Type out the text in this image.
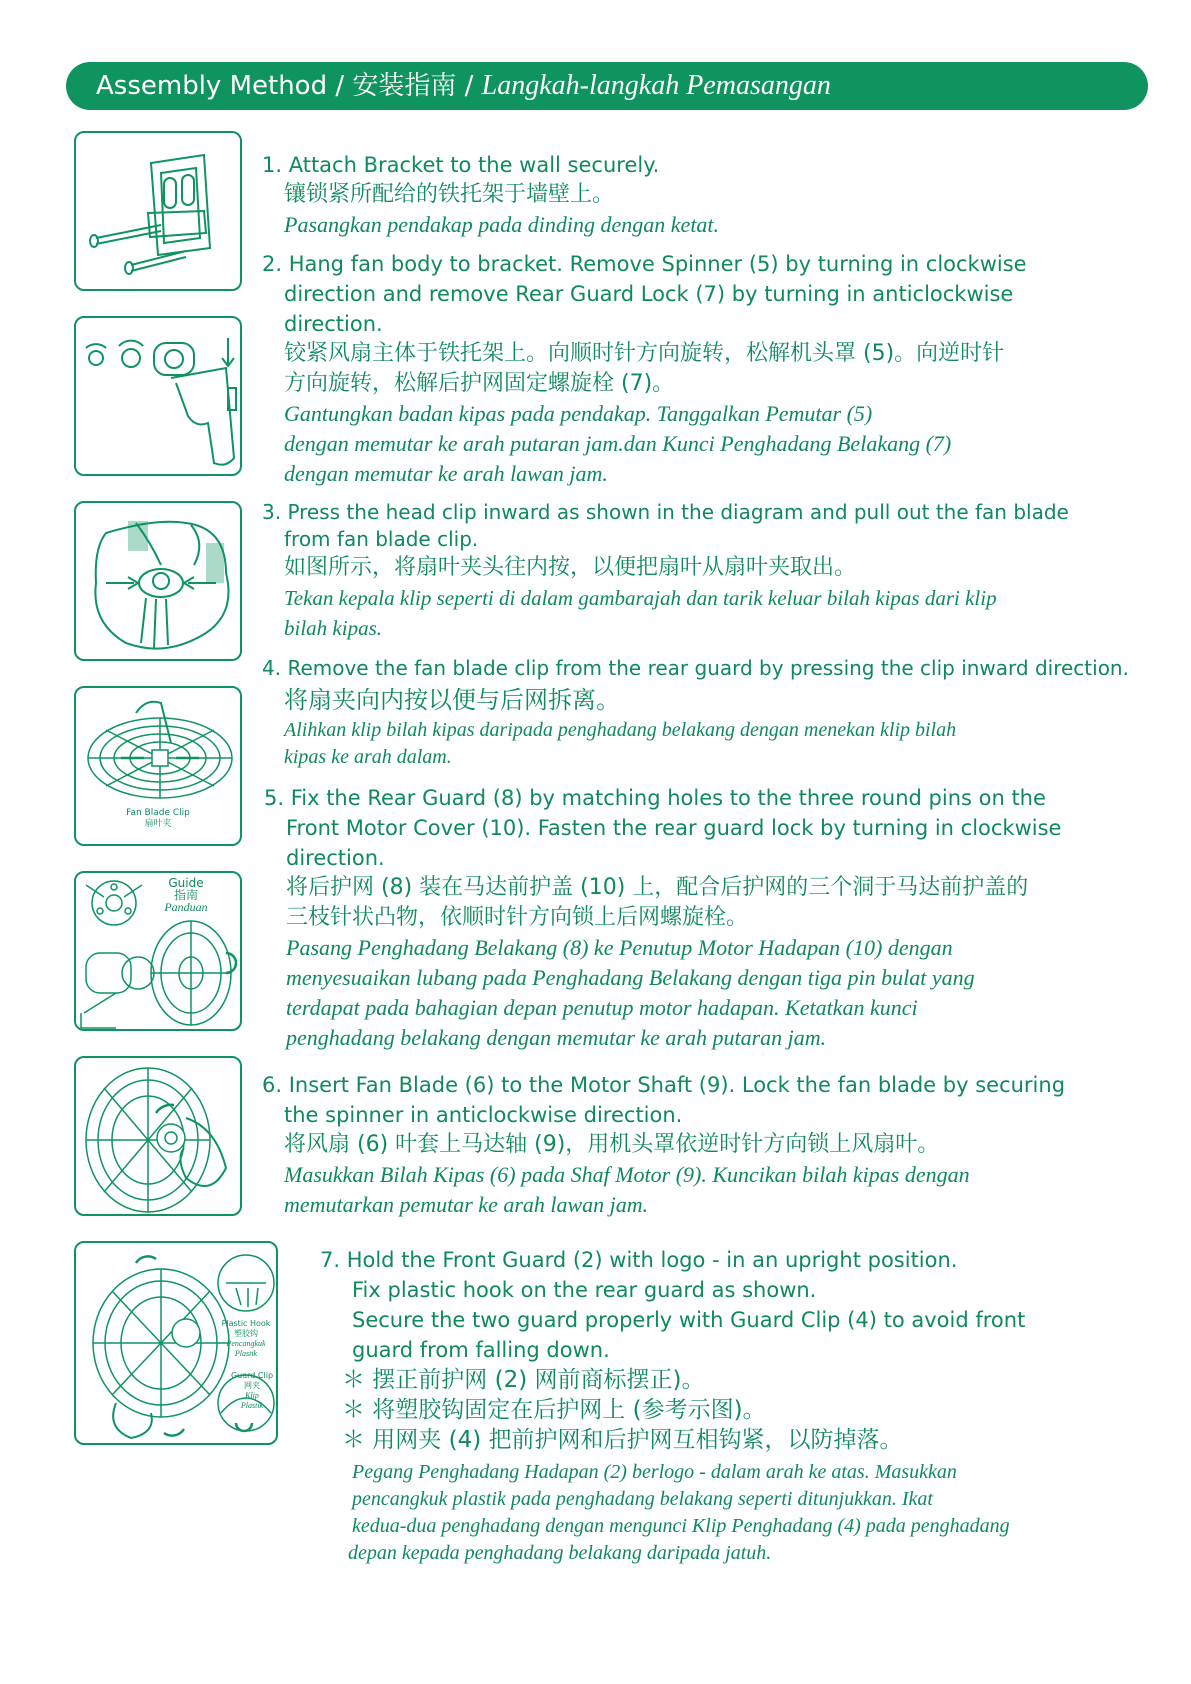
Assembly Method / 安装指南 / Langkah-langkah Pemasangan
Fan Blade Clip
扇叶夹
Guide
指南
Panduan
Plastic Hook
塑胶钩
Pencangkuk
Plastik
Guard Clip
网夹
Klip
Plastik
1. Attach Bracket to the wall securely.
镶锁紧所配给的铁托架于墙壁上。
Pasangkan pendakap pada dinding dengan ketat.
2. Hang fan body to bracket. Remove Spinner (5) by turning in clockwise
direction and remove Rear Guard Lock (7) by turning in anticlockwise
direction.
铰紧风扇主体于铁托架上。向顺时针方向旋转，松解机头罩 (5)。向逆时针
方向旋转，松解后护网固定螺旋栓 (7)。
Gantungkan badan kipas pada pendakap. Tanggalkan Pemutar (5)
dengan memutar ke arah putaran jam.dan Kunci Penghadang Belakang (7)
dengan memutar ke arah lawan jam.
3. Press the head clip inward as shown in the diagram and pull out the fan blade
from fan blade clip.
如图所示，将扇叶夹头往内按，以便把扇叶从扇叶夹取出。
Tekan kepala klip seperti di dalam gambarajah dan tarik keluar bilah kipas dari klip
bilah kipas.
4. Remove the fan blade clip from the rear guard by pressing the clip inward direction.
将扇夹向内按以便与后网拆离。
Alihkan klip bilah kipas daripada penghadang belakang dengan menekan klip bilah
kipas ke arah dalam.
5. Fix the Rear Guard (8) by matching holes to the three round pins on the
Front Motor Cover (10). Fasten the rear guard lock by turning in clockwise
direction.
将后护网 (8) 装在马达前护盖 (10) 上，配合后护网的三个洞于马达前护盖的
三枝针状凸物，依顺时针方向锁上后网螺旋栓。
Pasang Penghadang Belakang (8) ke Penutup Motor Hadapan (10) dengan
menyesuaikan lubang pada Penghadang Belakang dengan tiga pin bulat yang
terdapat pada bahagian depan penutup motor hadapan. Ketatkan kunci
penghadang belakang dengan memutar ke arah putaran jam.
6. Insert Fan Blade (6) to the Motor Shaft (9). Lock the fan blade by securing
the spinner in anticlockwise direction.
将风扇 (6) 叶套上马达轴 (9)，用机头罩依逆时针方向锁上风扇叶。
Masukkan Bilah Kipas (6) pada Shaf Motor (9). Kuncikan bilah kipas dengan
memutarkan pemutar ke arah lawan jam.
7. Hold the Front Guard (2) with logo - in an upright position.
Fix plastic hook on the rear guard as shown.
Secure the two guard properly with Guard Clip (4) to avoid front
guard from falling down.
＊ 摆正前护网 (2) 网前商标摆正)。
＊ 将塑胶钩固定在后护网上 (参考示图)。
＊ 用网夹 (4) 把前护网和后护网互相钩紧，以防掉落。
Pegang Penghadang Hadapan (2) berlogo - dalam arah ke atas. Masukkan
pencangkuk plastik pada penghadang belakang seperti ditunjukkan. Ikat
kedua-dua penghadang dengan mengunci Klip Penghadang (4) pada penghadang
depan kepada penghadang belakang daripada jatuh.
